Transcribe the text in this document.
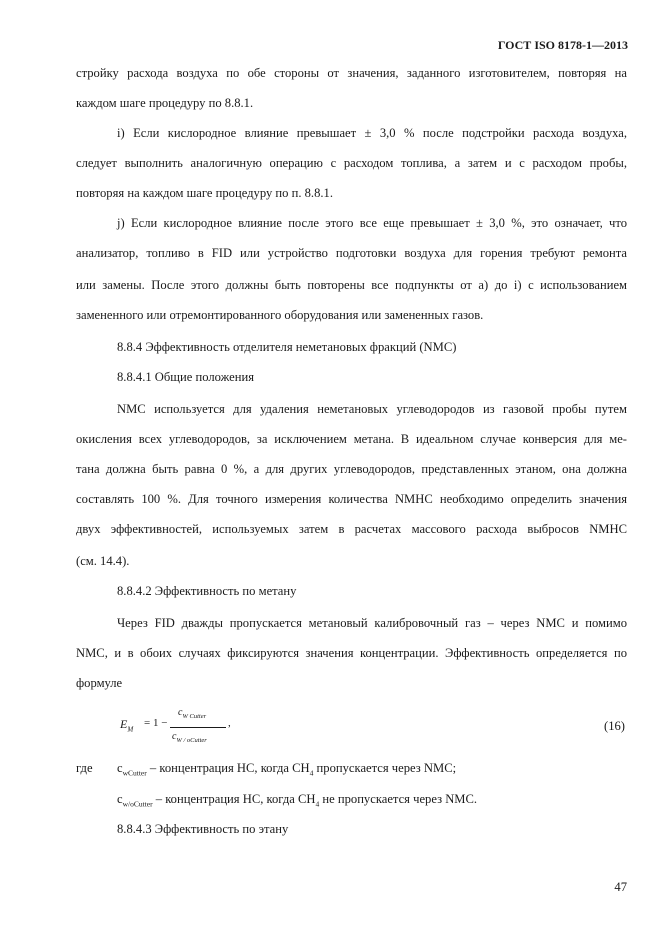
ГОСТ ISO 8178-1—2013
стройку расхода воздуха по обе стороны от значения, заданного изготовителем, повторяя на
каждом шаге процедуру по 8.8.1.
i) Если кислородное влияние превышает ± 3,0 % после подстройки расхода воздуха,
следует выполнить аналогичную операцию с расходом топлива, а затем и с расходом пробы,
повторяя на каждом шаге процедуру по п. 8.8.1.
j) Если кислородное влияние после этого все еще превышает ± 3,0 %, это означает, что
анализатор, топливо в FID или устройство подготовки воздуха для горения требуют ремонта
или замены. После этого должны быть повторены все подпункты от a) до i) с использованием
замененного или отремонтированного оборудования или замененных газов.
8.8.4 Эффективность отделителя неметановых фракций (NMC)
8.8.4.1 Общие положения
NMC используется для удаления неметановых углеводородов из газовой пробы путем
окисления всех углеводородов, за исключением метана. В идеальном случае конверсия для ме-
тана должна быть равна 0 %, а для других углеводородов, представленных этаном, она должна
составлять 100 %. Для точного измерения количества NMHC необходимо определить значения
двух эффективностей, используемых затем в расчетах массового расхода выбросов NMHC
(см. 14.4).
8.8.4.2 Эффективность по метану
Через FID дважды пропускается метановый калибровочный газ – через NMC и помимо
NMC, и в обоих случаях фиксируются значения концентрации. Эффективность определяется по
формуле
$E_M$
= 1 −
$c_{W Cutter}$
$c_{W / oCutter}$
,	(16)
где $c_{wCutter}$ – концентрация HC, когда $CH_4$ пропускается через NMC;
$c_{w/oCutter}$ – концентрация HC, когда $CH_4$ не пропускается через NMC.
8.8.4.3 Эффективность по этану
47
